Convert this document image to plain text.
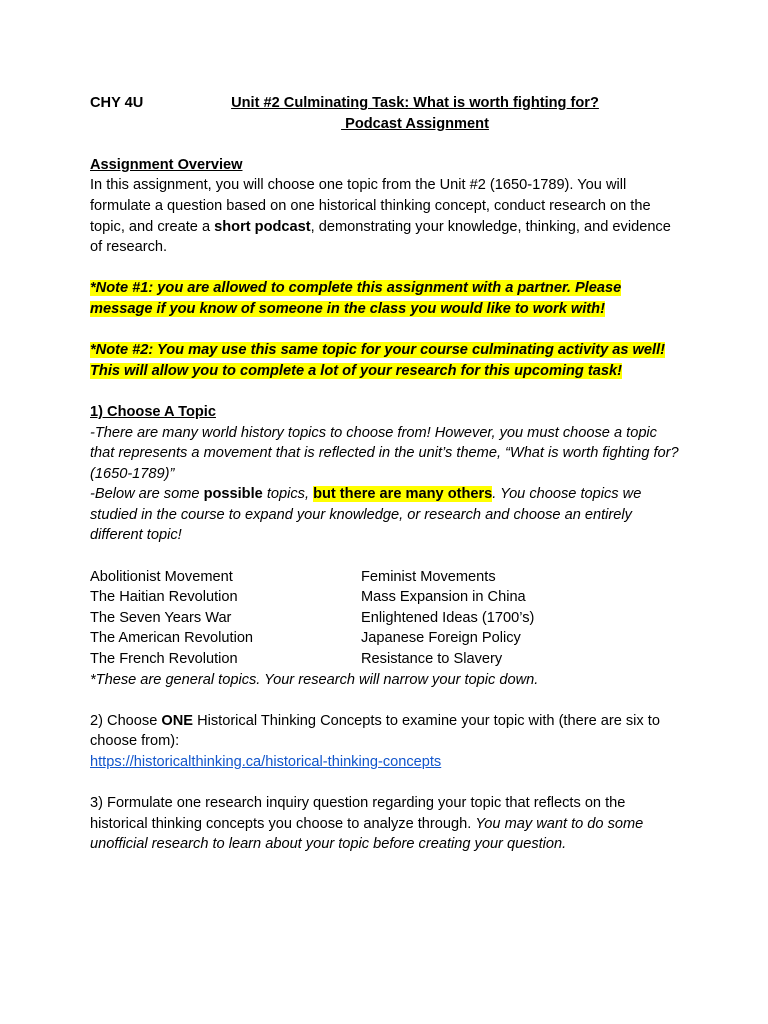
CHY 4U	Unit #2 Culminating Task: What is worth fighting for?
Podcast Assignment
Assignment Overview
In this assignment, you will choose one topic from the Unit #2 (1650-1789). You will formulate a question based on one historical thinking concept, conduct research on the topic, and create a short podcast, demonstrating your knowledge, thinking, and evidence of research.
*Note #1: you are allowed to complete this assignment with a partner. Please message if you know of someone in the class you would like to work with!
*Note #2: You may use this same topic for your course culminating activity as well! This will allow you to complete a lot of your research for this upcoming task!
1) Choose A Topic
-There are many world history topics to choose from! However, you must choose a topic that represents a movement that is reflected in the unit’s theme, “What is worth fighting for? (1650-1789)”
-Below are some possible topics, but there are many others. You choose topics we studied in the course to expand your knowledge, or research and choose an entirely different topic!
Abolitionist Movement
The Haitian Revolution
The Seven Years War
The American Revolution
The French Revolution
Feminist Movements
Mass Expansion in China
Enlightened Ideas (1700’s)
Japanese Foreign Policy
Resistance to Slavery
*These are general topics. Your research will narrow your topic down.
2) Choose ONE Historical Thinking Concepts to examine your topic with (there are six to choose from):
https://historicalthinking.ca/historical-thinking-concepts
3) Formulate one research inquiry question regarding your topic that reflects on the historical thinking concepts you choose to analyze through. You may want to do some unofficial research to learn about your topic before creating your question.
